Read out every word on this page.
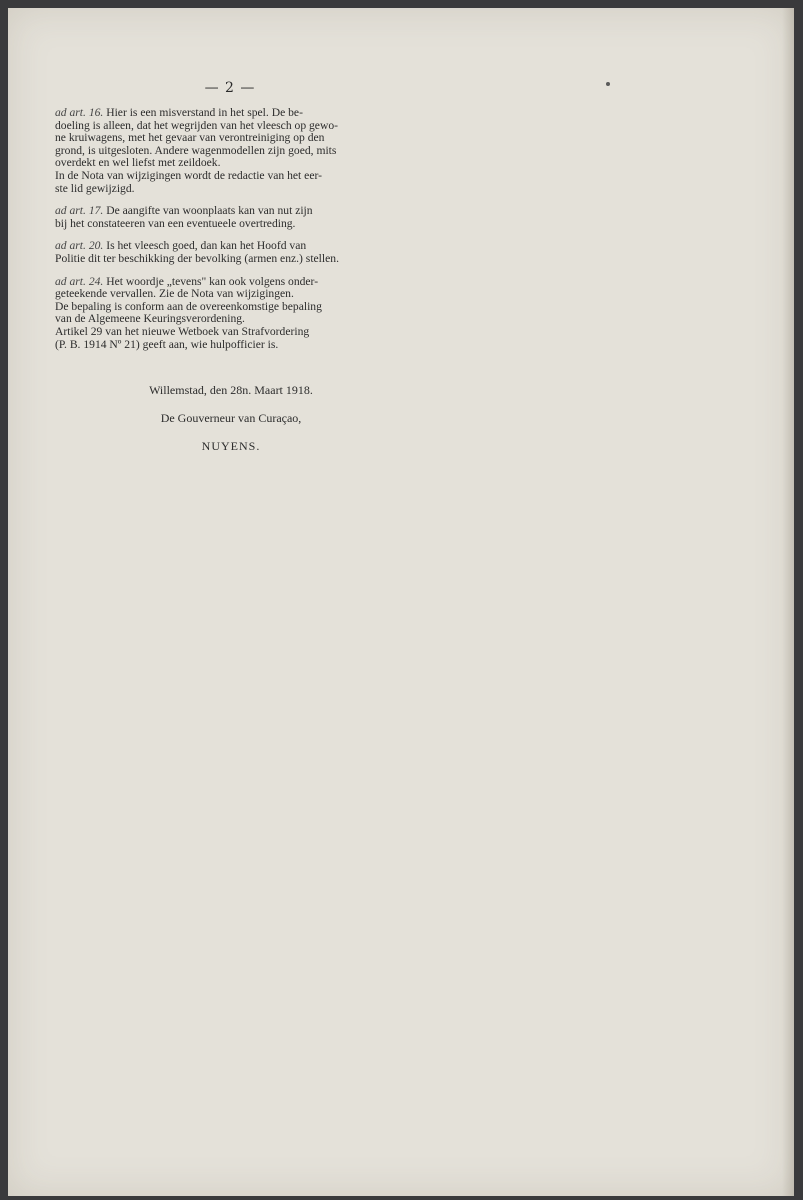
— 2 —

ad art. 16. Hier is een misverstand in het spel. De be-
doeling is alleen, dat het wegrijden van het vleesch op gewo-
ne kruiwagens, met het gevaar van verontreiniging op den
grond, is uitgesloten. Andere wagenmodellen zijn goed, mits
overdekt en wel liefst met zeildoek.

In de Nota van wijzigingen wordt de redactie van het eer-
ste lid gewijzigd.

ad art. 17. De aangifte van woonplaats kan van nut zijn
bij het constateeren van een eventueele overtreding.

ad art. 20. Is het vleesch goed, dan kan het Hoofd van
Politie dit ter beschikking der bevolking (armen enz.) stellen.

ad art. 24. Het woordje „tevens" kan ook volgens onder-
geteekende vervallen. Zie de Nota van wijzigingen.

De bepaling is conform aan de overeenkomstige bepaling
van de Algemeene Keuringsverordening.

Artikel 29 van het nieuwe Wetboek van Strafvordering
(P. B. 1914 Nº 21) geeft aan, wie hulpofficier is.

Willemstad, den 28n. Maart 1918.
De Gouverneur van Curaçao,
NUYENS.
